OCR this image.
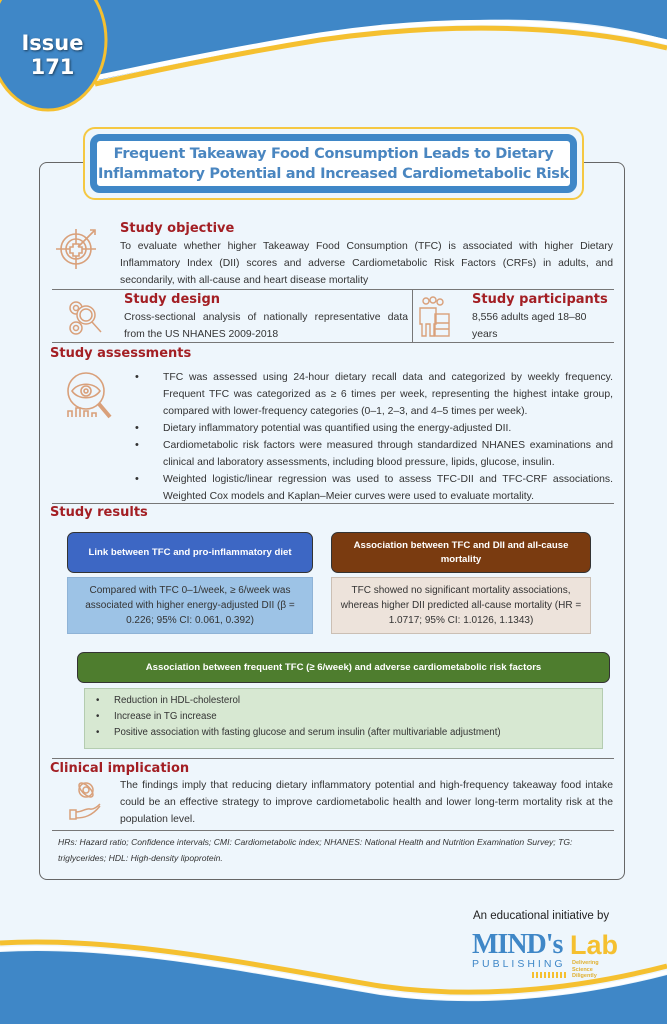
Issue
171
Study objective
To evaluate whether higher Takeaway Food Consumption (TFC) is associated with higher Dietary Inflammatory Index (DII) scores and adverse Cardiometabolic Risk Factors (CRFs) in adults, and secondarily, with all-cause and heart disease mortality
Study design
Cross-sectional analysis of nationally representative data from the US NHANES 2009-2018
Study participants
8,556 adults aged 18–80 years
Study assessments
• TFC was assessed using 24-hour dietary recall data and categorized by weekly frequency. Frequent TFC was categorized as ≥ 6 times per week, representing the highest intake group, compared with lower-frequency categories (0–1, 2–3, and 4–5 times per week).
• Dietary inflammatory potential was quantified using the energy-adjusted DII.
• Cardiometabolic risk factors were measured through standardized NHANES examinations and clinical and laboratory assessments, including blood pressure, lipids, glucose, insulin.
• Weighted logistic/linear regression was used to assess TFC-DII and TFC-CRF associations. Weighted Cox models and Kaplan–Meier curves were used to evaluate mortality.
Study results
Link between TFC and pro-inflammatory diet
Compared with TFC 0–1/week, ≥ 6/week was associated with higher energy-adjusted DII (β = 0.226; 95% CI: 0.061, 0.392)
Association between TFC and DII and all-cause mortality
TFC showed no significant mortality associations, whereas higher DII predicted all-cause mortality (HR = 1.0717; 95% CI: 1.0126, 1.1343)
Association between frequent TFC (≥ 6/week) and adverse cardiometabolic risk factors
• Reduction in HDL-cholesterol
• Increase in TG increase
• Positive association with fasting glucose and serum insulin (after multivariable adjustment)
Clinical implication
The findings imply that reducing dietary inflammatory potential and high-frequency takeaway food intake could be an effective strategy to improve cardiometabolic health and lower long-term mortality risk at the population level.
HRs: Hazard ratio; Confidence intervals; CMI: Cardiometabolic index; NHANES: National Health and Nutrition Examination Survey; TG: triglycerides; HDL: High-density lipoprotein.
Frequent Takeaway Food Consumption Leads to Dietary
Inflammatory Potential and Increased Cardiometabolic Risk
An educational initiative by
MIND's Lab
PUBLISHING Delivering
Science
Diligently
